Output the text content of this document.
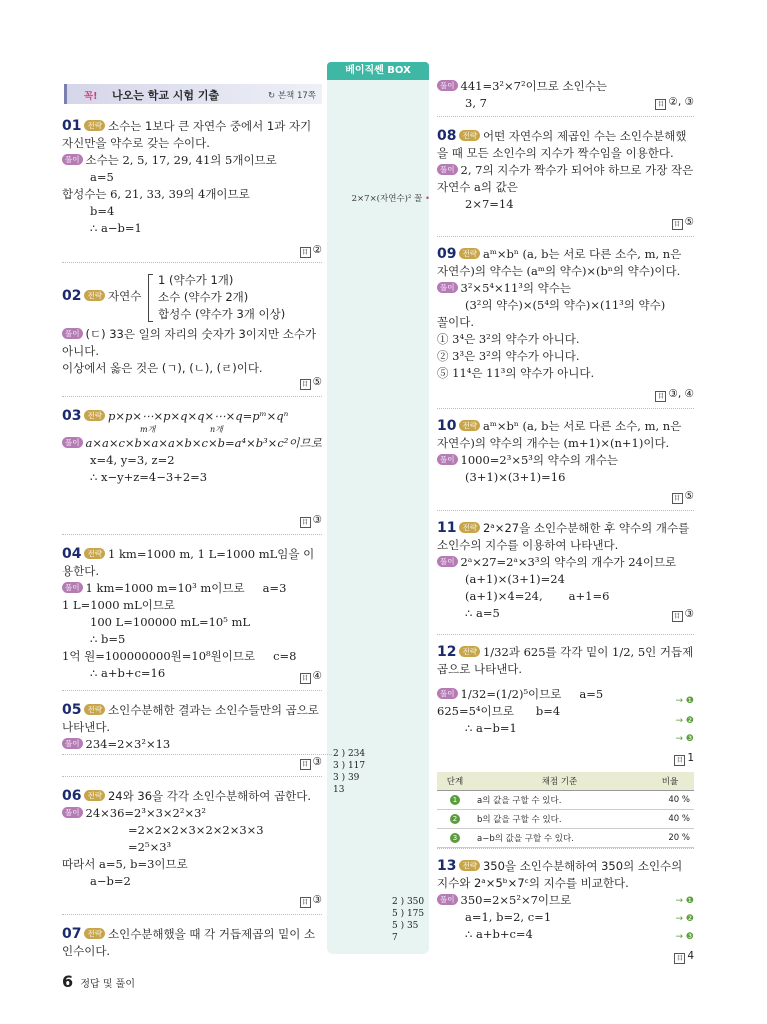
베이직쎈 BOX
꼭! 나오는 학교 시험 기출	↻ 본책 17쪽
01 전략 소수는 1보다 큰 자연수 중에서 1과 자기 자신만을 약수로 갖는 수이다.
풀이 소수는 2, 5, 17, 29, 41의 5개이므로
a=5
합성수는 6, 21, 33, 39의 4개이므로
b=4
∴ a−b=1
目 ②
02 전략 자연수
1 (약수가 1개)
소수 (약수가 2개)
합성수 (약수가 3개 이상)
풀이 (ㄷ) 33은 일의 자리의 숫자가 3이지만 소수가 아니다.
이상에서 옳은 것은 (ㄱ), (ㄴ), (ㄹ)이다.
目 ⑤
03 전략 p×p×⋯×p×q×q×⋯×q=pᵐ×qⁿ
m개	n개
풀이 a×a×c×b×a×a×b×c×b=a⁴×b³×c²이므로
x=4, y=3, z=2
∴ x−y+z=4−3+2=3
目 ③
04 전략 1 km=1000 m, 1 L=1000 mL임을 이용한다.
풀이 1 km=1000 m=10³ m이므로 a=3
1 L=1000 mL이므로
100 L=100000 mL=10⁵ mL
∴ b=5
1억 원=100000000원=10⁸원이므로 c=8
∴ a+b+c=16	目 ④
05 전략 소인수분해한 결과는 소인수들만의 곱으로 나타낸다.
풀이 234=2×3²×13
目 ③
06 전략 24와 36을 각각 소인수분해하여 곱한다.
풀이 24×36=2³×3×2²×3²
=2×2×2×3×2×2×3×3
=2⁵×3³
따라서 a=5, b=3이므로
a−b=2
目 ③
07 전략 소인수분해했을 때 각 거듭제곱의 밑이 소인수이다.
2×7×(자연수)² 꼴 •
2 ) 234
3 ) 117
3 ) 39
13
2 ) 350
5 ) 175
5 ) 35
7
풀이 441=3²×7²이므로 소인수는
3, 7	目 ②, ③
08 전략 어떤 자연수의 제곱인 수는 소인수분해했을 때 모든 소인수의 지수가 짝수임을 이용한다.
풀이 2, 7의 지수가 짝수가 되어야 하므로 가장 작은 자연수 a의 값은
2×7=14
目 ⑤
09 전략 aᵐ×bⁿ (a, b는 서로 다른 소수, m, n은 자연수)의 약수는 (aᵐ의 약수)×(bⁿ의 약수)이다.
풀이 3²×5⁴×11³의 약수는
(3²의 약수)×(5⁴의 약수)×(11³의 약수)
꼴이다.
① 3⁴은 3²의 약수가 아니다.
② 3³은 3²의 약수가 아니다.
⑤ 11⁴은 11³의 약수가 아니다.
目 ③, ④
10 전략 aᵐ×bⁿ (a, b는 서로 다른 소수, m, n은 자연수)의 약수의 개수는 (m+1)×(n+1)이다.
풀이 1000=2³×5³의 약수의 개수는
(3+1)×(3+1)=16
目 ⑤
11 전략 2ᵃ×27을 소인수분해한 후 약수의 개수를 소인수의 지수를 이용하여 나타낸다.
풀이 2ᵃ×27=2ᵃ×3³의 약수의 개수가 24이므로
(a+1)×(3+1)=24
(a+1)×4=24, a+1=6
∴ a=5	目 ③
12 전략 1/32과 625를 각각 밑이 1/2, 5인 거듭제곱으로 나타낸다.
풀이 1/32=(1/2)⁵이므로 a=5
625=5⁴이므로 b=4
∴ a−b=1
→ ❶
→ ❷
→ ❸
目 1
단계	채점 기준	비율
1	a의 값을 구할 수 있다.	40 %
2	b의 값을 구할 수 있다.	40 %
3	a−b의 값을 구할 수 있다.	20 %
13 전략 350을 소인수분해하여 350의 소인수의 지수와 2ᵃ×5ᵇ×7ᶜ의 지수를 비교한다.
풀이 350=2×5²×7이므로
a=1, b=2, c=1
∴ a+b+c=4
→ ❶
→ ❷
→ ❸
目 4
6 정답 및 풀이
